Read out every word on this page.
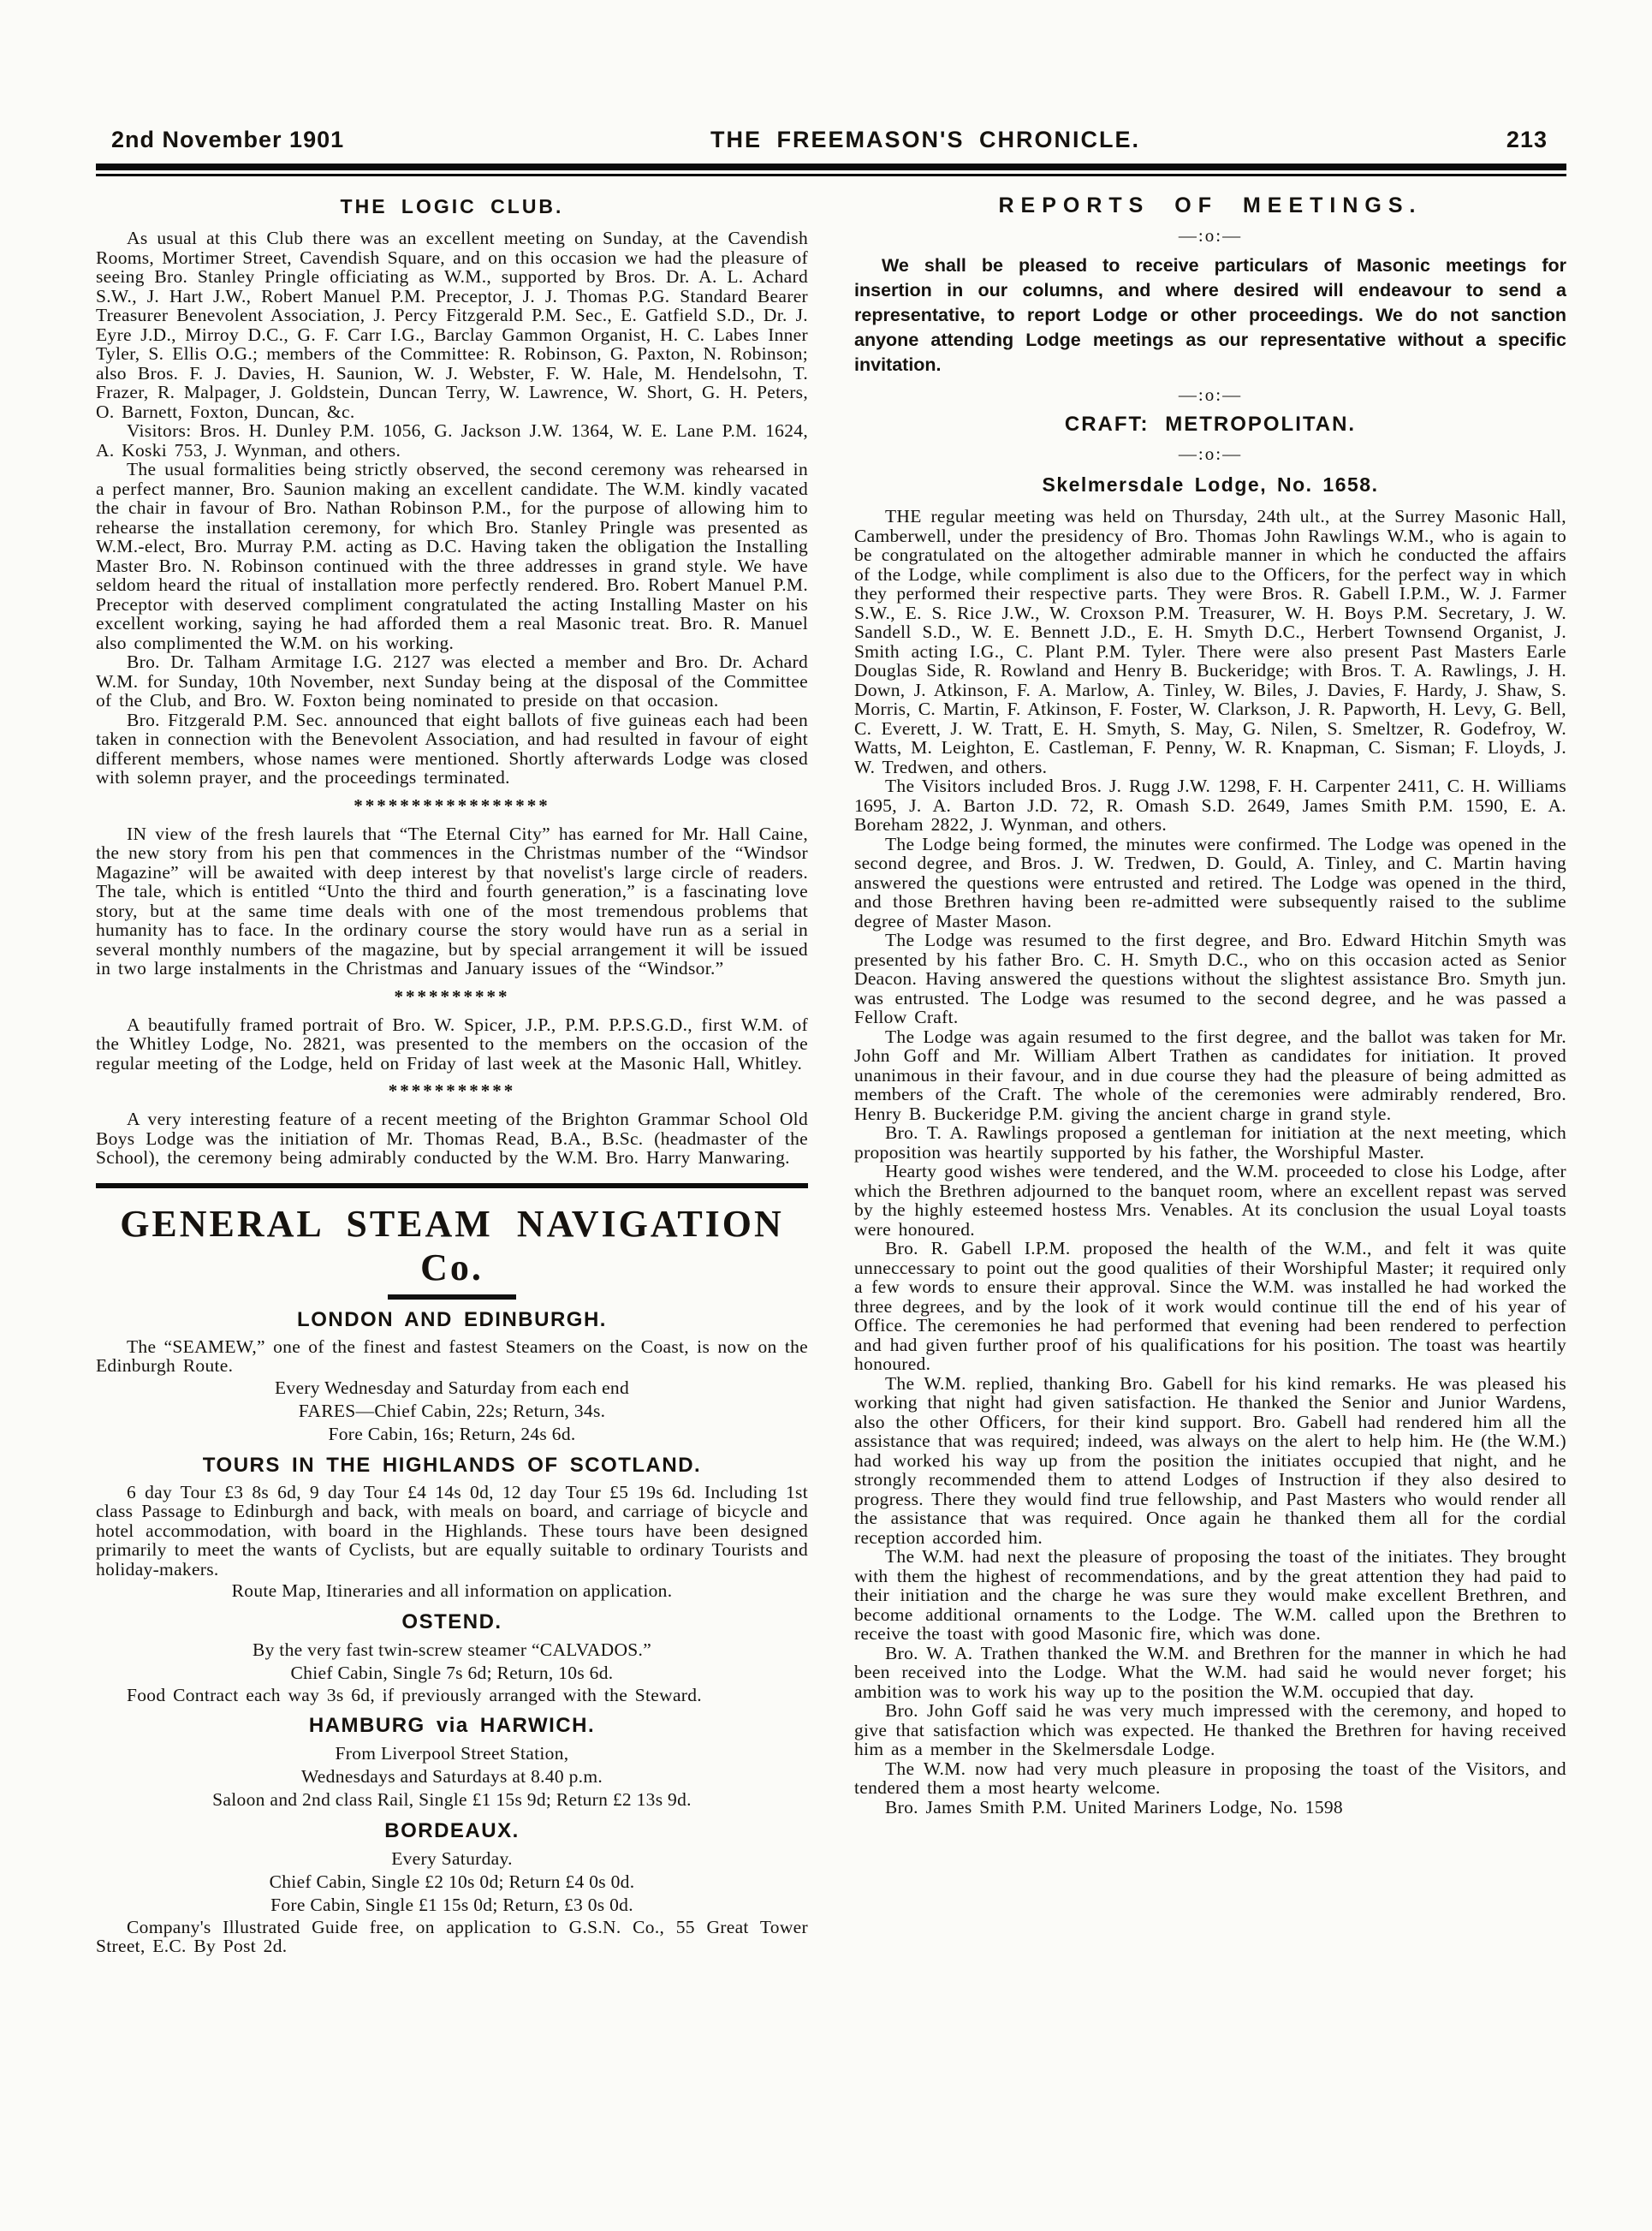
2nd November 1901	THE FREEMASON'S CHRONICLE.	213
THE LOGIC CLUB.

As usual at this Club there was an excellent meeting on Sunday, at the Cavendish Rooms, Mortimer Street, Cavendish Square, and on this occasion we had the pleasure of seeing Bro. Stanley Pringle officiating as W.M., supported by Bros. Dr. A. L. Achard S.W., J. Hart J.W., Robert Manuel P.M. Preceptor, J. J. Thomas P.G. Standard Bearer Treasurer Benevolent Association, J. Percy Fitzgerald P.M. Sec., E. Gatfield S.D., Dr. J. Eyre J.D., Mirroy D.C., G. F. Carr I.G., Barclay Gammon Organist, H. C. Labes Inner Tyler, S. Ellis O.G.; members of the Committee: R. Robinson, G. Paxton, N. Robinson; also Bros. F. J. Davies, H. Saunion, W. J. Webster, F. W. Hale, M. Hendelsohn, T. Frazer, R. Malpager, J. Goldstein, Duncan Terry, W. Lawrence, W. Short, G. H. Peters, O. Barnett, Foxton, Duncan, &c.

Visitors: Bros. H. Dunley P.M. 1056, G. Jackson J.W. 1364, W. E. Lane P.M. 1624, A. Koski 753, J. Wynman, and others.

The usual formalities being strictly observed, the second ceremony was rehearsed in a perfect manner, Bro. Saunion making an excellent candidate. The W.M. kindly vacated the chair in favour of Bro. Nathan Robinson P.M., for the purpose of allowing him to rehearse the installation ceremony, for which Bro. Stanley Pringle was presented as W.M.-elect, Bro. Murray P.M. acting as D.C. Having taken the obligation the Installing Master Bro. N. Robinson continued with the three addresses in grand style. We have seldom heard the ritual of installation more perfectly rendered. Bro. Robert Manuel P.M. Preceptor with deserved compliment congratulated the acting Installing Master on his excellent working, saying he had afforded them a real Masonic treat. Bro. R. Manuel also complimented the W.M. on his working.

Bro. Dr. Talham Armitage I.G. 2127 was elected a member and Bro. Dr. Achard W.M. for Sunday, 10th November, next Sunday being at the disposal of the Committee of the Club, and Bro. W. Foxton being nominated to preside on that occasion.

Bro. Fitzgerald P.M. Sec. announced that eight ballots of five guineas each had been taken in connection with the Benevolent Association, and had resulted in favour of eight different members, whose names were mentioned. Shortly afterwards Lodge was closed with solemn prayer, and the proceedings terminated.

*****************

IN view of the fresh laurels that “The Eternal City” has earned for Mr. Hall Caine, the new story from his pen that commences in the Christmas number of the “Windsor Magazine” will be awaited with deep interest by that novelist's large circle of readers. The tale, which is entitled “Unto the third and fourth generation,” is a fascinating love story, but at the same time deals with one of the most tremendous problems that humanity has to face. In the ordinary course the story would have run as a serial in several monthly numbers of the magazine, but by special arrangement it will be issued in two large instalments in the Christmas and January issues of the “Windsor.”

**********

A beautifully framed portrait of Bro. W. Spicer, J.P., P.M. P.P.S.G.D., first W.M. of the Whitley Lodge, No. 2821, was presented to the members on the occasion of the regular meeting of the Lodge, held on Friday of last week at the Masonic Hall, Whitley.

***********

A very interesting feature of a recent meeting of the Brighton Grammar School Old Boys Lodge was the initiation of Mr. Thomas Read, B.A., B.Sc. (headmaster of the School), the ceremony being admirably conducted by the W.M. Bro. Harry Manwaring.

GENERAL STEAM NAVIGATION Co.
LONDON AND EDINBURGH.

The “SEAMEW,” one of the finest and fastest Steamers on the Coast, is now on the Edinburgh Route.

Every Wednesday and Saturday from each end
FARES—Chief Cabin, 22s; Return, 34s.
Fore Cabin, 16s; Return, 24s 6d.
TOURS IN THE HIGHLANDS OF SCOTLAND.

6 day Tour £3 8s 6d, 9 day Tour £4 14s 0d, 12 day Tour £5 19s 6d. Including 1st class Passage to Edinburgh and back, with meals on board, and carriage of bicycle and hotel accommodation, with board in the Highlands. These tours have been designed primarily to meet the wants of Cyclists, but are equally suitable to ordinary Tourists and holiday-makers.

Route Map, Itineraries and all information on application.
OSTEND.
By the very fast twin-screw steamer “CALVADOS.”
Chief Cabin, Single 7s 6d; Return, 10s 6d.

Food Contract each way 3s 6d, if previously arranged with the Steward.

HAMBURG via HARWICH.
From Liverpool Street Station,
Wednesdays and Saturdays at 8.40 p.m.
Saloon and 2nd class Rail, Single £1 15s 9d; Return £2 13s 9d.
BORDEAUX.
Every Saturday.
Chief Cabin, Single £2 10s 0d; Return £4 0s 0d.
Fore Cabin, Single £1 15s 0d; Return, £3 0s 0d.

Company's Illustrated Guide free, on application to G.S.N. Co., 55 Great Tower Street, E.C. By Post 2d.

REPORTS OF MEETINGS.
—:o:—

We shall be pleased to receive particulars of Masonic meetings for insertion in our columns, and where desired will endeavour to send a representative, to report Lodge or other proceedings. We do not sanction anyone attending Lodge meetings as our representative without a specific invitation.

—:o:—
CRAFT: METROPOLITAN.
—:o:—
Skelmersdale Lodge, No. 1658.

THE regular meeting was held on Thursday, 24th ult., at the Surrey Masonic Hall, Camberwell, under the presidency of Bro. Thomas John Rawlings W.M., who is again to be congratulated on the altogether admirable manner in which he conducted the affairs of the Lodge, while compliment is also due to the Officers, for the perfect way in which they performed their respective parts. They were Bros. R. Gabell I.P.M., W. J. Farmer S.W., E. S. Rice J.W., W. Croxson P.M. Treasurer, W. H. Boys P.M. Secretary, J. W. Sandell S.D., W. E. Bennett J.D., E. H. Smyth D.C., Herbert Townsend Organist, J. Smith acting I.G., C. Plant P.M. Tyler. There were also present Past Masters Earle Douglas Side, R. Rowland and Henry B. Buckeridge; with Bros. T. A. Rawlings, J. H. Down, J. Atkinson, F. A. Marlow, A. Tinley, W. Biles, J. Davies, F. Hardy, J. Shaw, S. Morris, C. Martin, F. Atkinson, F. Foster, W. Clarkson, J. R. Papworth, H. Levy, G. Bell, C. Everett, J. W. Tratt, E. H. Smyth, S. May, G. Nilen, S. Smeltzer, R. Godefroy, W. Watts, M. Leighton, E. Castleman, F. Penny, W. R. Knapman, C. Sisman; F. Lloyds, J. W. Tredwen, and others.

The Visitors included Bros. J. Rugg J.W. 1298, F. H. Carpenter 2411, C. H. Williams 1695, J. A. Barton J.D. 72, R. Omash S.D. 2649, James Smith P.M. 1590, E. A. Boreham 2822, J. Wynman, and others.

The Lodge being formed, the minutes were confirmed. The Lodge was opened in the second degree, and Bros. J. W. Tredwen, D. Gould, A. Tinley, and C. Martin having answered the questions were entrusted and retired. The Lodge was opened in the third, and those Brethren having been re-admitted were subsequently raised to the sublime degree of Master Mason.

The Lodge was resumed to the first degree, and Bro. Edward Hitchin Smyth was presented by his father Bro. C. H. Smyth D.C., who on this occasion acted as Senior Deacon. Having answered the questions without the slightest assistance Bro. Smyth jun. was entrusted. The Lodge was resumed to the second degree, and he was passed a Fellow Craft.

The Lodge was again resumed to the first degree, and the ballot was taken for Mr. John Goff and Mr. William Albert Trathen as candidates for initiation. It proved unanimous in their favour, and in due course they had the pleasure of being admitted as members of the Craft. The whole of the ceremonies were admirably rendered, Bro. Henry B. Buckeridge P.M. giving the ancient charge in grand style.

Bro. T. A. Rawlings proposed a gentleman for initiation at the next meeting, which proposition was heartily supported by his father, the Worshipful Master.

Hearty good wishes were tendered, and the W.M. proceeded to close his Lodge, after which the Brethren adjourned to the banquet room, where an excellent repast was served by the highly esteemed hostess Mrs. Venables. At its conclusion the usual Loyal toasts were honoured.

Bro. R. Gabell I.P.M. proposed the health of the W.M., and felt it was quite unneccessary to point out the good qualities of their Worshipful Master; it required only a few words to ensure their approval. Since the W.M. was installed he had worked the three degrees, and by the look of it work would continue till the end of his year of Office. The ceremonies he had performed that evening had been rendered to perfection and had given further proof of his qualifications for his position. The toast was heartily honoured.

The W.M. replied, thanking Bro. Gabell for his kind remarks. He was pleased his working that night had given satisfaction. He thanked the Senior and Junior Wardens, also the other Officers, for their kind support. Bro. Gabell had rendered him all the assistance that was required; indeed, was always on the alert to help him. He (the W.M.) had worked his way up from the position the initiates occupied that night, and he strongly recommended them to attend Lodges of Instruction if they also desired to progress. There they would find true fellowship, and Past Masters who would render all the assistance that was required. Once again he thanked them all for the cordial reception accorded him.

The W.M. had next the pleasure of proposing the toast of the initiates. They brought with them the highest of recommendations, and by the great attention they had paid to their initiation and the charge he was sure they would make excellent Brethren, and become additional ornaments to the Lodge. The W.M. called upon the Brethren to receive the toast with good Masonic fire, which was done.

Bro. W. A. Trathen thanked the W.M. and Brethren for the manner in which he had been received into the Lodge. What the W.M. had said he would never forget; his ambition was to work his way up to the position the W.M. occupied that day.

Bro. John Goff said he was very much impressed with the ceremony, and hoped to give that satisfaction which was expected. He thanked the Brethren for having received him as a member in the Skelmersdale Lodge.

The W.M. now had very much pleasure in proposing the toast of the Visitors, and tendered them a most hearty welcome.

Bro. James Smith P.M. United Mariners Lodge, No. 1598
